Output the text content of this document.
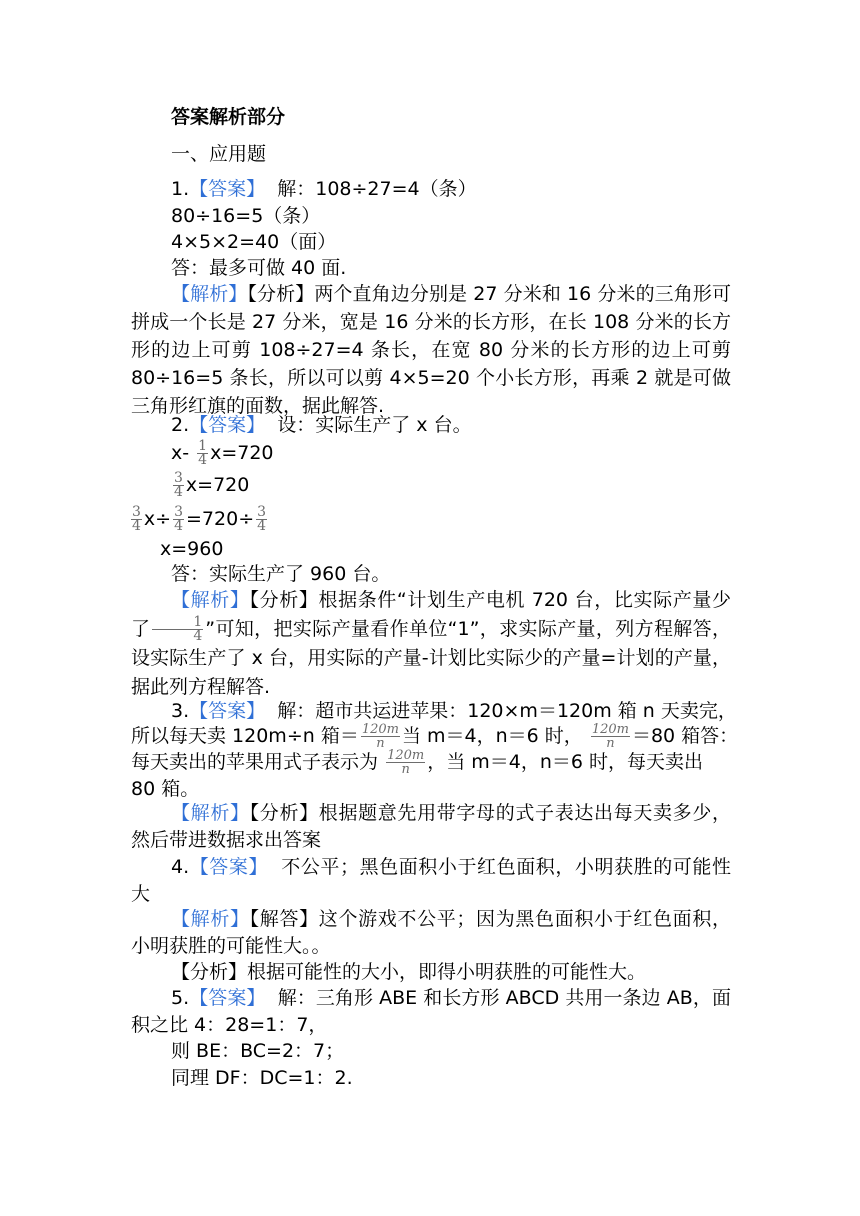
答案解析部分
一、应用题
1.【答案】 解：108÷27=4（条）
80÷16=5（条）
4×5×2=40（面）
答：最多可做 40 面.
【解析】【分析】两个直角边分别是 27 分米和 16 分米的三角形可拼成一个长是 27 分米，宽是 16 分米的长方形，在长 108 分米的长方形的边上可剪 108÷27=4 条长，在宽 80 分米的长方形的边上可剪 80÷16=5 条长，所以可以剪 4×5=20 个小长方形，再乘 2 就是可做三角形红旗的面数，据此解答.
2.【答案】 设：实际生产了 x 台。
$x- \frac{1}{4} x=720$
$\frac{3}{4} x=720$
$\frac{3}{4} x\div \frac{3}{4} =720\div \frac{3}{4}$
x=960
答：实际生产了 960 台。
【解析】【分析】根据条件“计划生产电机 720 台，比实际产量少了 $\frac{1}{4}$ ”可知，把实际产量看作单位“1”，求实际产量，列方程解答，设实际生产了 x 台，用实际的产量-计划比实际少的产量=计划的产量，据此列方程解答.
3.【答案】 解：超市共运进苹果：120×m＝120m 箱 n 天卖完，
所以每天卖 120m÷n 箱＝ $\frac{120m}{n}$ 当 m＝4，n＝6 时， $\frac{120m}{n} =80$ 箱答：
每天卖出的苹果用式子表示为 $\frac{120m}{n}$ ，当 m＝4，n＝6 时，每天卖出
80 箱。
【解析】【分析】根据题意先用带字母的式子表达出每天卖多少，然后带进数据求出答案
4.【答案】 不公平；黑色面积小于红色面积，小明获胜的可能性大
【解析】【解答】这个游戏不公平；因为黑色面积小于红色面积，小明获胜的可能性大。。
【分析】根据可能性的大小，即得小明获胜的可能性大。
5.【答案】 解：三角形 ABE 和长方形 ABCD 共用一条边 AB，面积之比 4：28=1：7，
则 BE：BC=2：7；
同理 DF：DC=1：2.
